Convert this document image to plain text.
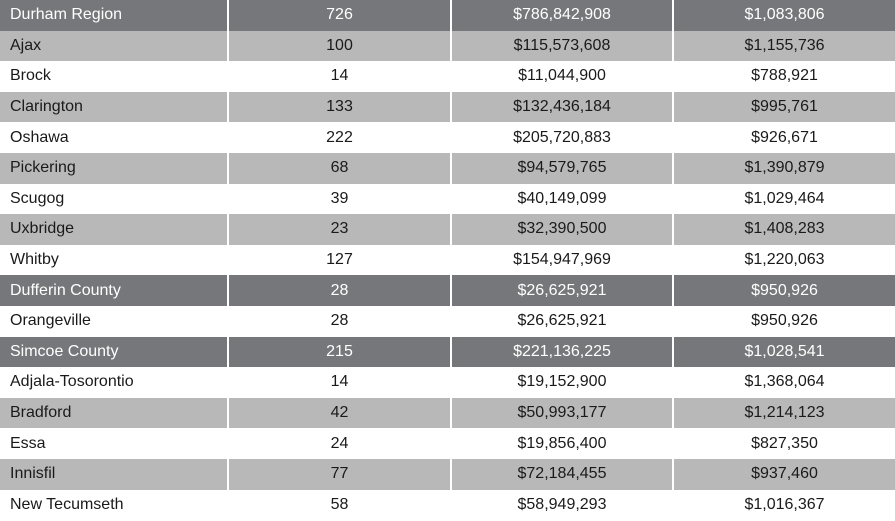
Durham Region	726	$786,842,908	$1,083,806
Ajax	100	$115,573,608	$1,155,736
Brock	14	$11,044,900	$788,921
Clarington	133	$132,436,184	$995,761
Oshawa	222	$205,720,883	$926,671
Pickering	68	$94,579,765	$1,390,879
Scugog	39	$40,149,099	$1,029,464
Uxbridge	23	$32,390,500	$1,408,283
Whitby	127	$154,947,969	$1,220,063
Dufferin County	28	$26,625,921	$950,926
Orangeville	28	$26,625,921	$950,926
Simcoe County	215	$221,136,225	$1,028,541
Adjala-Tosorontio	14	$19,152,900	$1,368,064
Bradford	42	$50,993,177	$1,214,123
Essa	24	$19,856,400	$827,350
Innisfil	77	$72,184,455	$937,460
New Tecumseth	58	$58,949,293	$1,016,367
